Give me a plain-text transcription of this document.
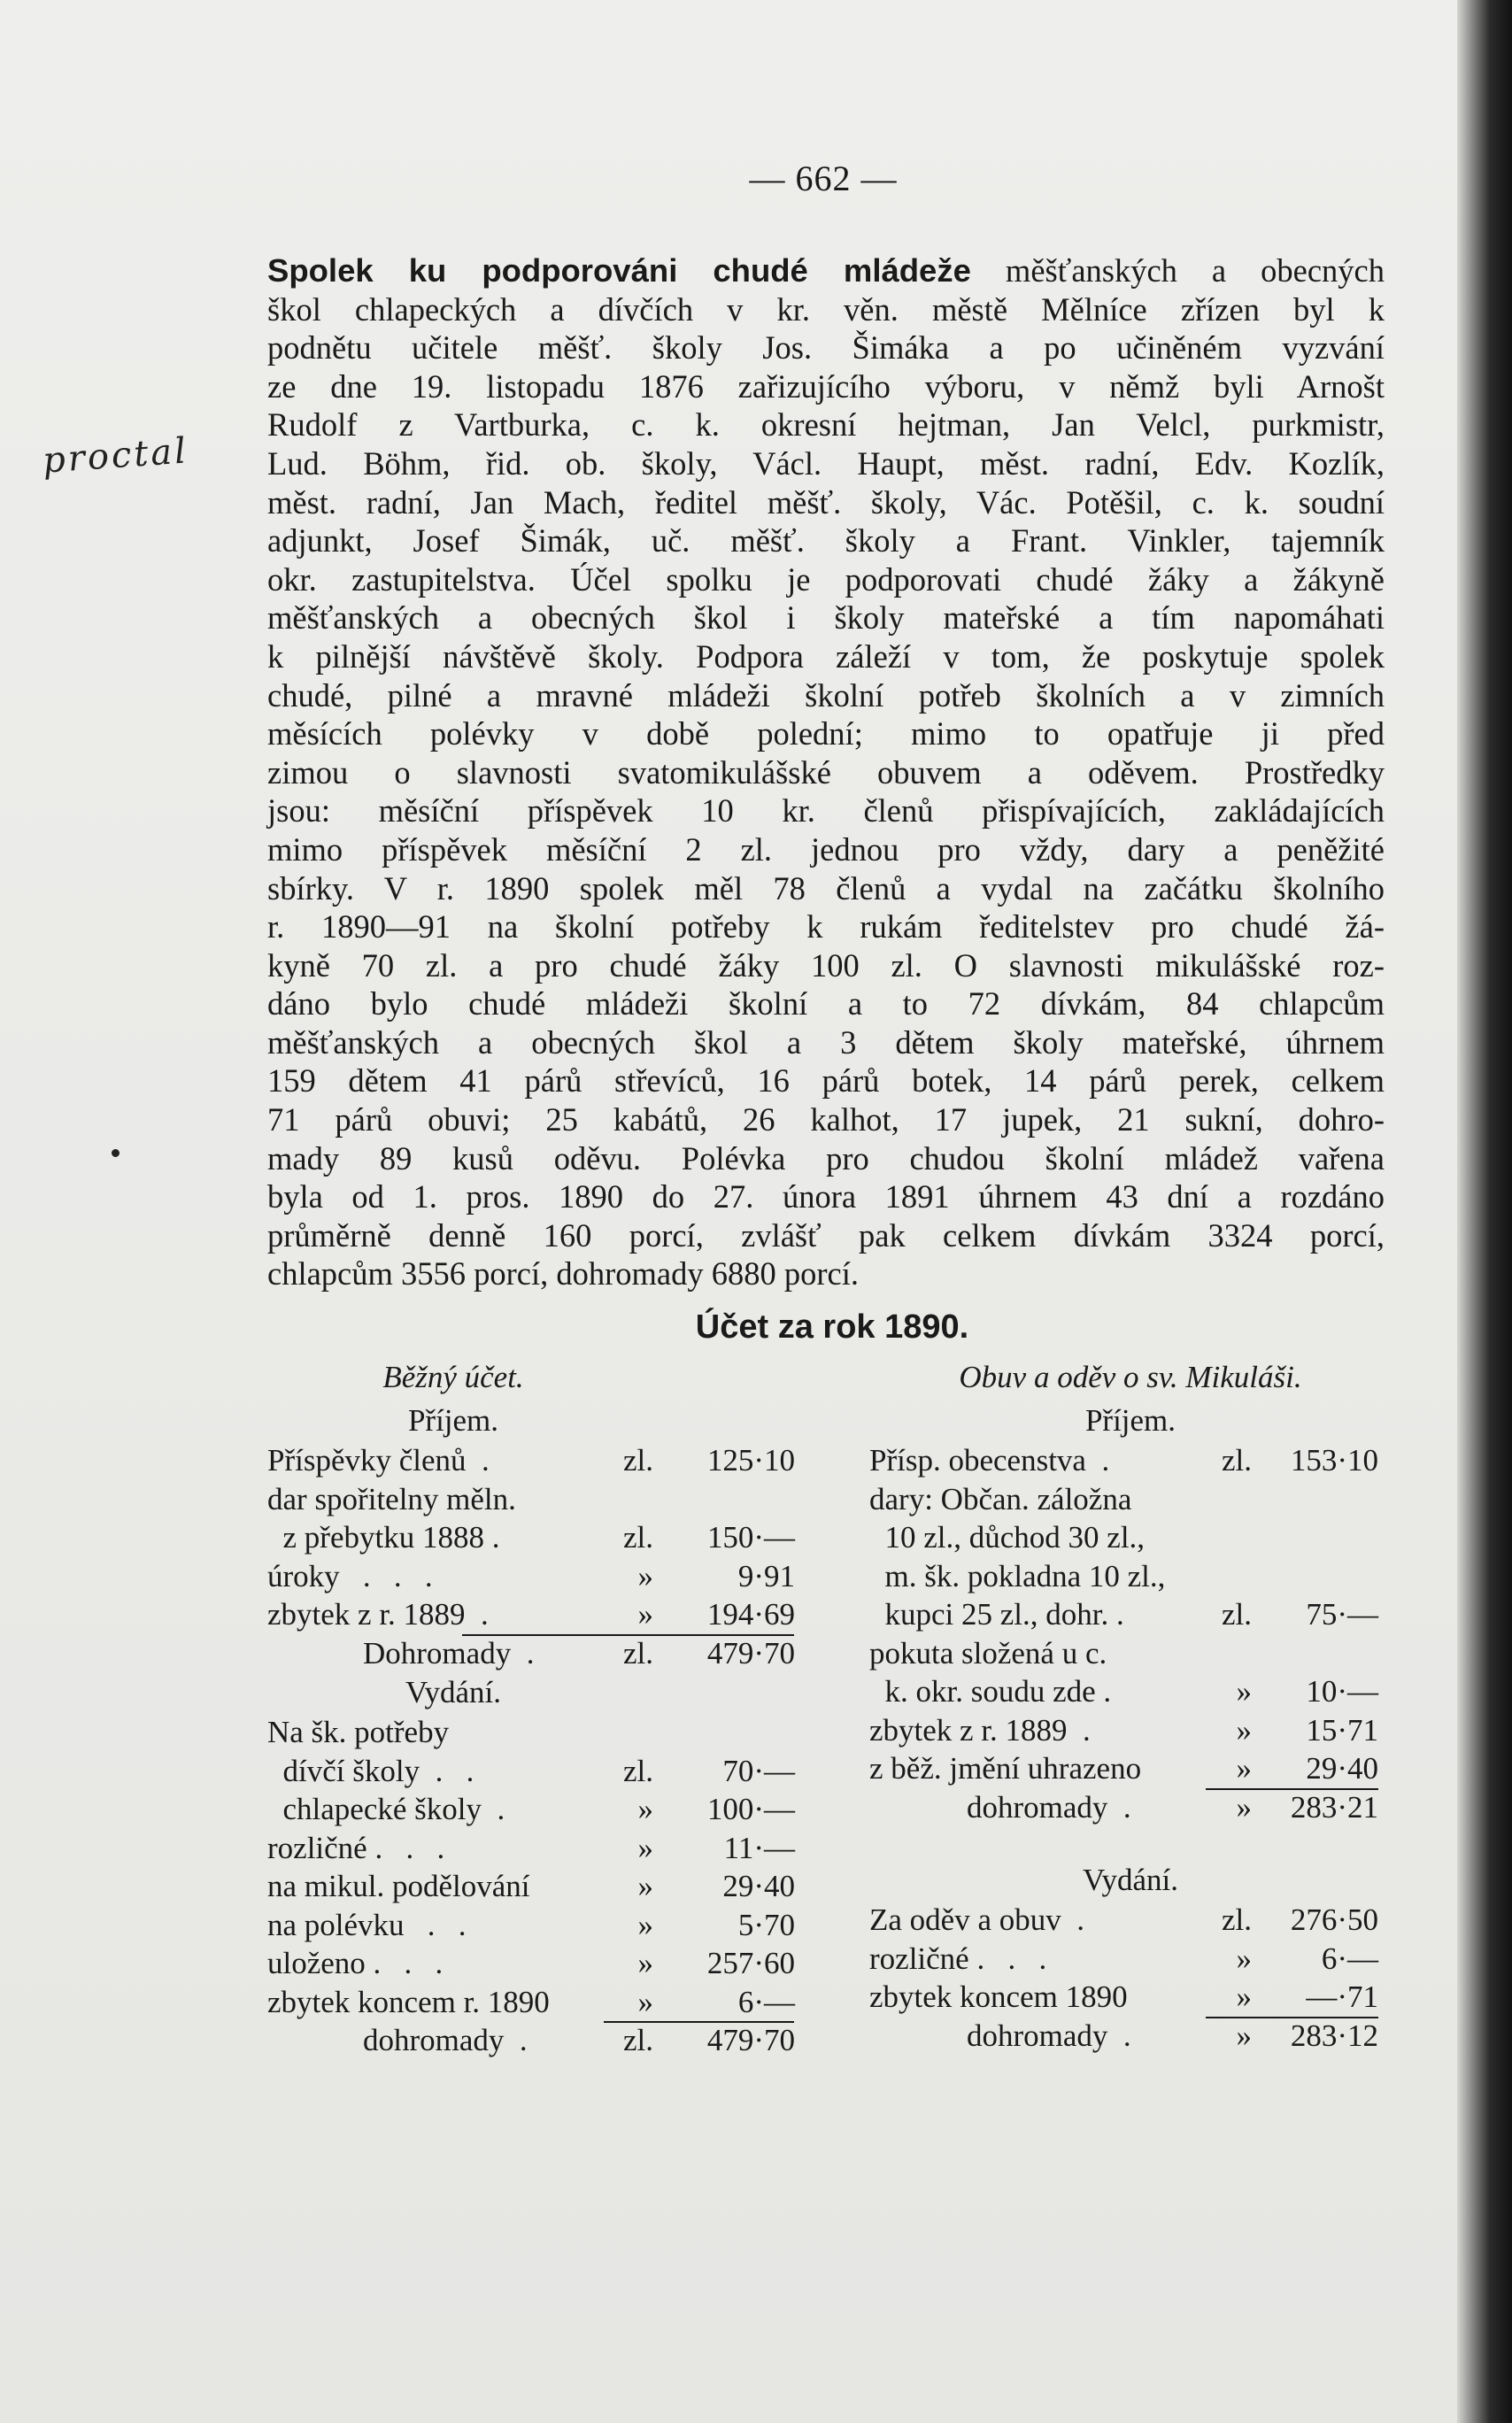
— 662 —
proctal
Spolek ku podporováni chudé mládeže měšťanských a obecných
škol chlapeckých a dívčích v kr. věn. městě Mělníce zřízen byl k
podnětu učitele měšť. školy Jos. Šimáka a po učiněném vyzvání
ze dne 19. listopadu 1876 zařizujícího výboru, v němž byli Arnošt
Rudolf z Vartburka, c. k. okresní hejtman, Jan Velcl, purkmistr,
Lud. Böhm, řid. ob. školy, Václ. Haupt, měst. radní, Edv. Kozlík,
měst. radní, Jan Mach, ředitel měšť. školy, Vác. Potěšil, c. k. soudní
adjunkt, Josef Šimák, uč. měšť. školy a Frant. Vinkler, tajemník
okr. zastupitelstva. Účel spolku je podporovati chudé žáky a žákyně
měšťanských a obecných škol i školy mateřské a tím napomáhati
k pilnější návštěvě školy. Podpora záleží v tom, že poskytuje spolek
chudé, pilné a mravné mládeži školní potřeb školních a v zimních
měsících polévky v době polední; mimo to opatřuje ji před
zimou o slavnosti svatomikulášské obuvem a oděvem. Prostředky
jsou: měsíční příspěvek 10 kr. členů přispívajících, zakládajících
mimo příspěvek měsíční 2 zl. jednou pro vždy, dary a peněžité
sbírky. V r. 1890 spolek měl 78 členů a vydal na začátku školního
r. 1890—91 na školní potřeby k rukám ředitelstev pro chudé žá-
kyně 70 zl. a pro chudé žáky 100 zl. O slavnosti mikulášské roz-
dáno bylo chudé mládeži školní a to 72 dívkám, 84 chlapcům
měšťanských a obecných škol a 3 dětem školy mateřské, úhrnem
159 dětem 41 párů střevíců, 16 párů botek, 14 párů perek, celkem
71 párů obuvi; 25 kabátů, 26 kalhot, 17 jupek, 21 sukní, dohro-
mady 89 kusů oděvu. Polévka pro chudou školní mládež vařena
byla od 1. pros. 1890 do 27. února 1891 úhrnem 43 dní a rozdáno
průměrně denně 160 porcí, zvlášť pak celkem dívkám 3324 porcí,
chlapcům 3556 porcí, dohromady 6880 porcí.
Účet za rok 1890.
Běžný účet.
Příjem.
Příspěvky členů  .	zl.	125·10
dar spořitelny měln.
z přebytku 1888 .	zl.	150·—
úroky   .   .   .	»	9·91
zbytek z r. 1889  .	»	194·69
Dohromady  .	zl.	479·70
Vydání.
Na šk. potřeby
dívčí školy  .   .	zl.	70·—
chlapecké školy  .	»	100·—
rozličné .   .   .	»	11·—
na mikul. podělování	»	29·40
na polévku   .   .	»	5·70
uloženo .   .   .	»	257·60
zbytek koncem r. 1890	»	6·—
dohromady  .	zl.	479·70
Obuv a oděv o sv. Mikuláši.
Příjem.
Přísp. obecenstva  .	zl.	153·10
dary: Občan. záložna
10 zl., důchod 30 zl.,
m. šk. pokladna 10 zl.,
kupci 25 zl., dohr. .	zl.	75·—
pokuta složená u c.
k. okr. soudu zde .	»	10·—
zbytek z r. 1889  .	»	15·71
z běž. jmění uhrazeno	»	29·40
dohromady  .	»	283·21
Vydání.
Za oděv a obuv  .	zl.	276·50
rozličné .   .   .	»	6·—
zbytek koncem 1890	»	—·71
dohromady  .	»	283·12
